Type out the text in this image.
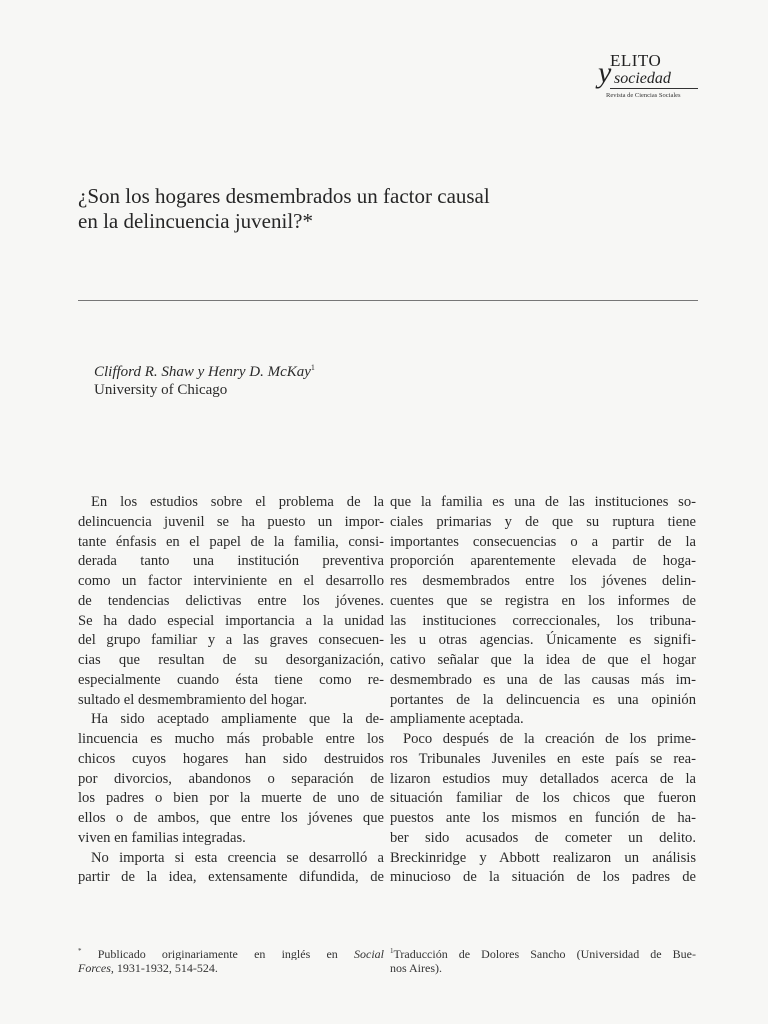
ELITO
y sociedad
Revista de Ciencias Sociales
¿Son los hogares desmembrados un factor causal
en la delincuencia juvenil?*
Clifford R. Shaw y Henry D. McKay$^1$
University of Chicago
En los estudios sobre el problema de la
delincuencia juvenil se ha puesto un impor-
tante énfasis en el papel de la familia, consi-
derada tanto una institución preventiva
como un factor interviniente en el desarrollo
de tendencias delictivas entre los jóvenes.
Se ha dado especial importancia a la unidad
del grupo familiar y a las graves consecuen-
cias que resultan de su desorganización,
especialmente cuando ésta tiene como re-
sultado el desmembramiento del hogar.
Ha sido aceptado ampliamente que la de-
lincuencia es mucho más probable entre los
chicos cuyos hogares han sido destruidos
por divorcios, abandonos o separación de
los padres o bien por la muerte de uno de
ellos o de ambos, que entre los jóvenes que
viven en familias integradas.
No importa si esta creencia se desarrolló a
partir de la idea, extensamente difundida, de
que la familia es una de las instituciones so-
ciales primarias y de que su ruptura tiene
importantes consecuencias o a partir de la
proporción aparentemente elevada de hoga-
res desmembrados entre los jóvenes delin-
cuentes que se registra en los informes de
las instituciones correccionales, los tribuna-
les u otras agencias. Únicamente es signifi-
cativo señalar que la idea de que el hogar
desmembrado es una de las causas más im-
portantes de la delincuencia es una opinión
ampliamente aceptada.
Poco después de la creación de los prime-
ros Tribunales Juveniles en este país se rea-
lizaron estudios muy detallados acerca de la
situación familiar de los chicos que fueron
puestos ante los mismos en función de ha-
ber sido acusados de cometer un delito.
Breckinridge y Abbott realizaron un análisis
minucioso de la situación de los padres de
* Publicado originariamente en inglés en Social
Forces, 1931-1932, 514-524.
$^1$Traducción de Dolores Sancho (Universidad de Bue-
nos Aires).
